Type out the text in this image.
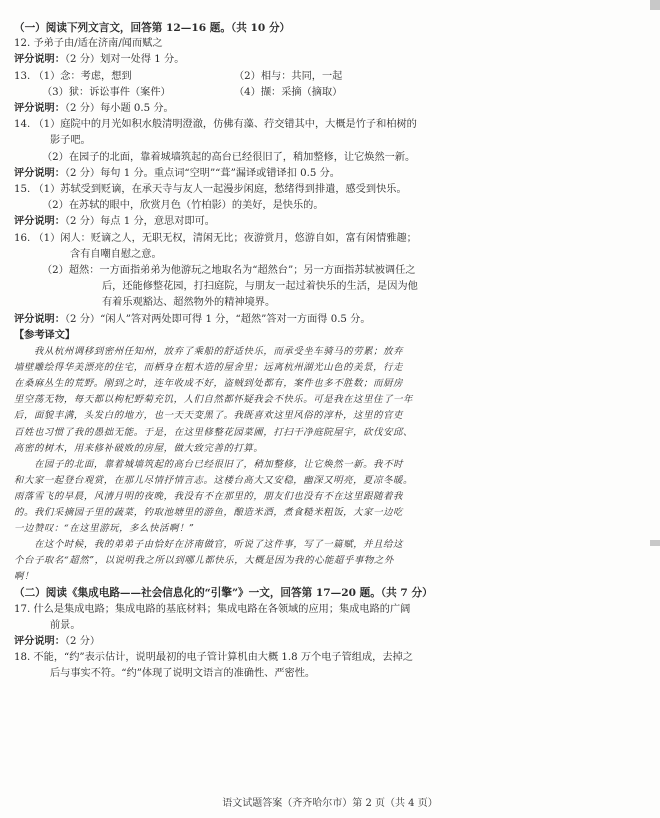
（一）阅读下列文言文，回答第 12—16 题。（共 10 分）
12. 予弟子由/适在济南/闻而赋之
评分说明：（2 分）划对一处得 1 分。
13. （1）念：考虑，想到	（2）相与：共同，一起
（3）狱：诉讼事件（案件）	（4）撷：采摘（摘取）
评分说明：（2 分）每小题 0.5 分。
14. （1）庭院中的月光如积水般清明澄澈，仿佛有藻、荇交错其中，大概是竹子和柏树的
影子吧。
（2）在园子的北面，靠着城墙筑起的高台已经很旧了，稍加整修，让它焕然一新。
评分说明：（2 分）每句 1 分。重点词“空明”“葺”漏译或错译扣 0.5 分。
15. （1）苏轼受到贬谪，在承天寺与友人一起漫步闲庭，愁绪得到排遣，感受到快乐。
（2）在苏轼的眼中，欣赏月色（竹柏影）的美好，是快乐的。
评分说明：（2 分）每点 1 分，意思对即可。
16. （1）闲人：贬谪之人，无职无权，清闲无比；夜游赏月，悠游自如，富有闲情雅趣；
含有自嘲自慰之意。
（2）超然：一方面指弟弟为他游玩之地取名为“超然台”；另一方面指苏轼被调任之
后，还能修整花园，打扫庭院，与朋友一起过着快乐的生活，是因为他
有着乐观豁达、超然物外的精神境界。
评分说明：（2 分）“闲人”答对两处即可得 1 分，“超然”答对一方面得 0.5 分。
【参考译文】
我从杭州调移到密州任知州，放弃了乘船的舒适快乐，而承受坐车骑马的劳累；放弃
墙壁雕绘得华美漂亮的住宅，而栖身在粗木造的屋舍里；远离杭州湖光山色的美景，行走
在桑麻丛生的荒野。刚到之时，连年收成不好，盗贼到处都有，案件也多不胜数；而厨房
里空荡无物，每天都以枸杞野菊充饥，人们自然都怀疑我会不快乐。可是我在这里住了一年
后，面貌丰满，头发白的地方，也一天天变黑了。我既喜欢这里风俗的淳朴，这里的官吏
百姓也习惯了我的愚拙无能。于是，在这里修整花园菜圃，打扫干净庭院屋宇，砍伐安邱、
高密的树木，用来修补破败的房屋，做大致完善的打算。
在园子的北面，靠着城墙筑起的高台已经很旧了，稍加整修，让它焕然一新。我不时
和大家一起登台观赏，在那儿尽情抒情言志。这楼台高大又安稳，幽深又明亮，夏凉冬暖。
雨落雪飞的早晨，风清月明的夜晚，我没有不在那里的，朋友们也没有不在这里跟随着我
的。我们采摘园子里的蔬菜，钓取池塘里的游鱼，酿造米酒，煮食糙米粗饭，大家一边吃
一边赞叹：“在这里游玩，多么快活啊！”
在这个时候，我的弟弟子由恰好在济南做官，听说了这件事，写了一篇赋，并且给这
个台子取名“超然”，以说明我之所以到哪儿都快乐，大概是因为我的心能超乎事物之外
啊！
（二）阅读《集成电路——社会信息化的“引擎”》一文，回答第 17—20 题。（共 7 分）
17. 什么是集成电路；集成电路的基底材料；集成电路在各领域的应用；集成电路的广阔
前景。
评分说明：（2 分）
18. 不能，“约”表示估计，说明最初的电子管计算机由大概 1.8 万个电子管组成，去掉之
后与事实不符。“约”体现了说明文语言的准确性、严密性。
语文试题答案（齐齐哈尔市）第 2 页（共 4 页）
